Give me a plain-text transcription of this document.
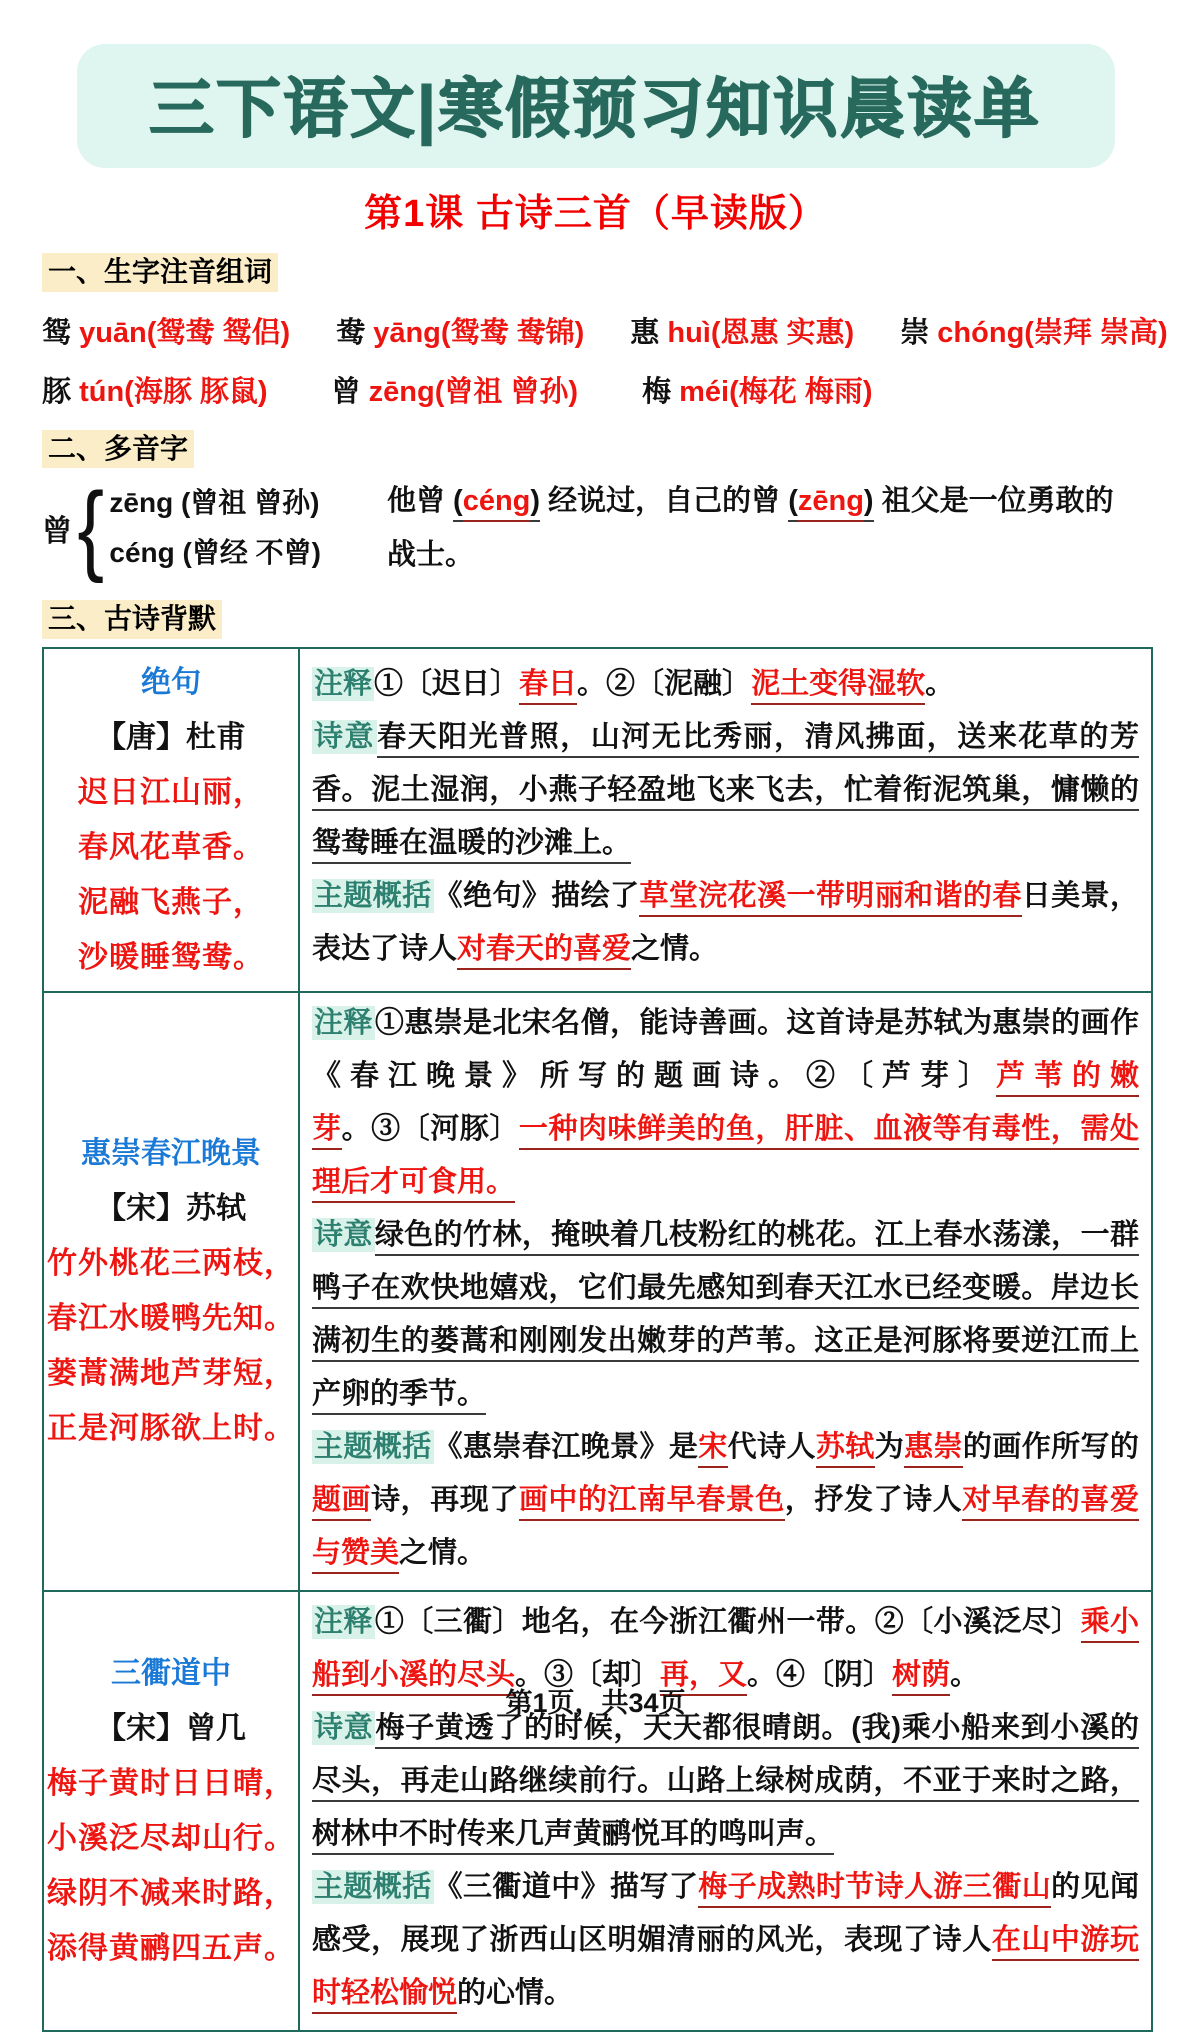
三下语文|寒假预习知识晨读单
第1课 古诗三首（早读版）
一、生字注音组词
鸳 yuān(鸳鸯 鸳侣) 鸯 yāng(鸳鸯 鸯锦) 惠 huì(恩惠 实惠) 崇 chóng(崇拜 崇高)
豚 tún(海豚 豚鼠) 曾 zēng(曾祖 曾孙) 梅 méi(梅花 梅雨)
二、多音字
曾 { zēng (曾祖 曾孙)
céng (曾经 不曾)
他曾 (céng) 经说过，自己的曾 (zēng) 祖父是一位勇敢的战士。
三、古诗背默
绝句
【唐】杜甫
迟日江山丽，
春风花草香。
泥融飞燕子，
沙暖睡鸳鸯。

注释①〔迟日〕春日。②〔泥融〕泥土变得湿软。

诗意春天阳光普照，山河无比秀丽，清风拂面，送来花草的芳香。泥土湿润，小燕子轻盈地飞来飞去，忙着衔泥筑巢，慵懒的鸳鸯睡在温暖的沙滩上。

主题概括《绝句》描绘了草堂浣花溪一带明丽和谐的春日美景，表达了诗人对春天的喜爱之情。

惠崇春江晚景
【宋】苏轼
竹外桃花三两枝，
春江水暖鸭先知。
蒌蒿满地芦芽短，
正是河豚欲上时。

注释①惠崇是北宋名僧，能诗善画。这首诗是苏轼为惠崇的画作《春江晚景》所写的题画诗。②〔芦芽〕芦苇的嫩芽。③〔河豚〕一种肉味鲜美的鱼，肝脏、血液等有毒性，需处理后才可食用。

诗意绿色的竹林，掩映着几枝粉红的桃花。江上春水荡漾，一群鸭子在欢快地嬉戏，它们最先感知到春天江水已经变暖。岸边长满初生的蒌蒿和刚刚发出嫩芽的芦苇。这正是河豚将要逆江而上产卵的季节。

主题概括《惠崇春江晚景》是宋代诗人苏轼为惠崇的画作所写的题画诗，再现了画中的江南早春景色，抒发了诗人对早春的喜爱与赞美之情。

三衢道中
【宋】曾几
梅子黄时日日晴，
小溪泛尽却山行。
绿阴不减来时路，
添得黄鹂四五声。

注释①〔三衢〕地名，在今浙江衢州一带。②〔小溪泛尽〕乘小船到小溪的尽头。③〔却〕再，又。④〔阴〕树荫。

诗意梅子黄透了的时候，天天都很晴朗。(我)乘小船来到小溪的尽头，再走山路继续前行。山路上绿树成荫，不亚于来时之路，树林中不时传来几声黄鹂悦耳的鸣叫声。

主题概括《三衢道中》描写了梅子成熟时节诗人游三衢山的见闻感受，展现了浙西山区明媚清丽的风光，表现了诗人在山中游玩时轻松愉悦的心情。

第1页，共34页
